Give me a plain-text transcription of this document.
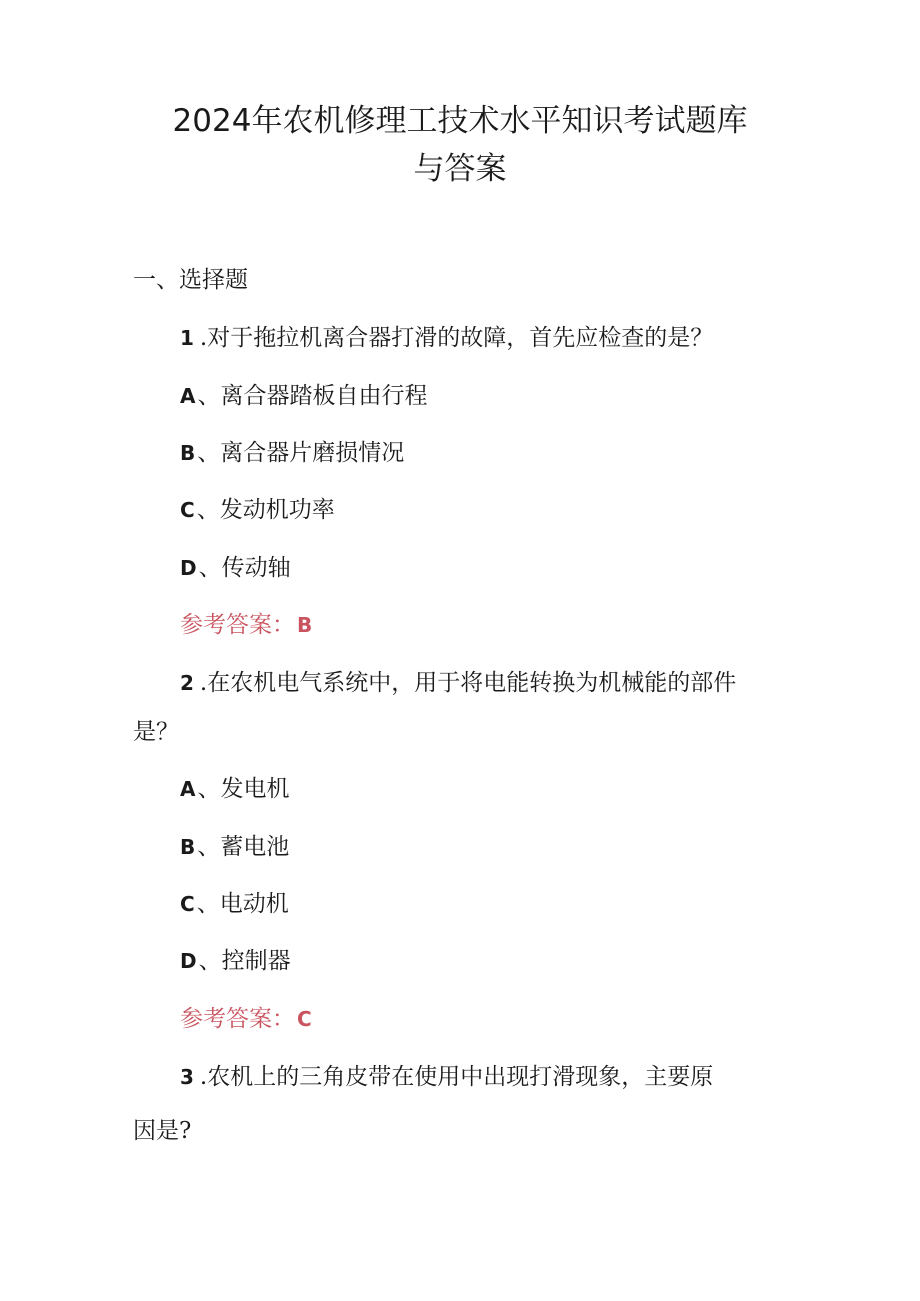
2024年农机修理工技术水平知识考试题库
与答案
一、选择题
1 .对于拖拉机离合器打滑的故障，首先应检查的是？
A、离合器踏板自由行程
B、离合器片磨损情况
C、发动机功率
D、传动轴
参考答案： B
2 .在农机电气系统中，用于将电能转换为机械能的部件
是？
A、发电机
B、蓄电池
C、电动机
D、控制器
参考答案： C
3 .农机上的三角皮带在使用中出现打滑现象，主要原
因是?
